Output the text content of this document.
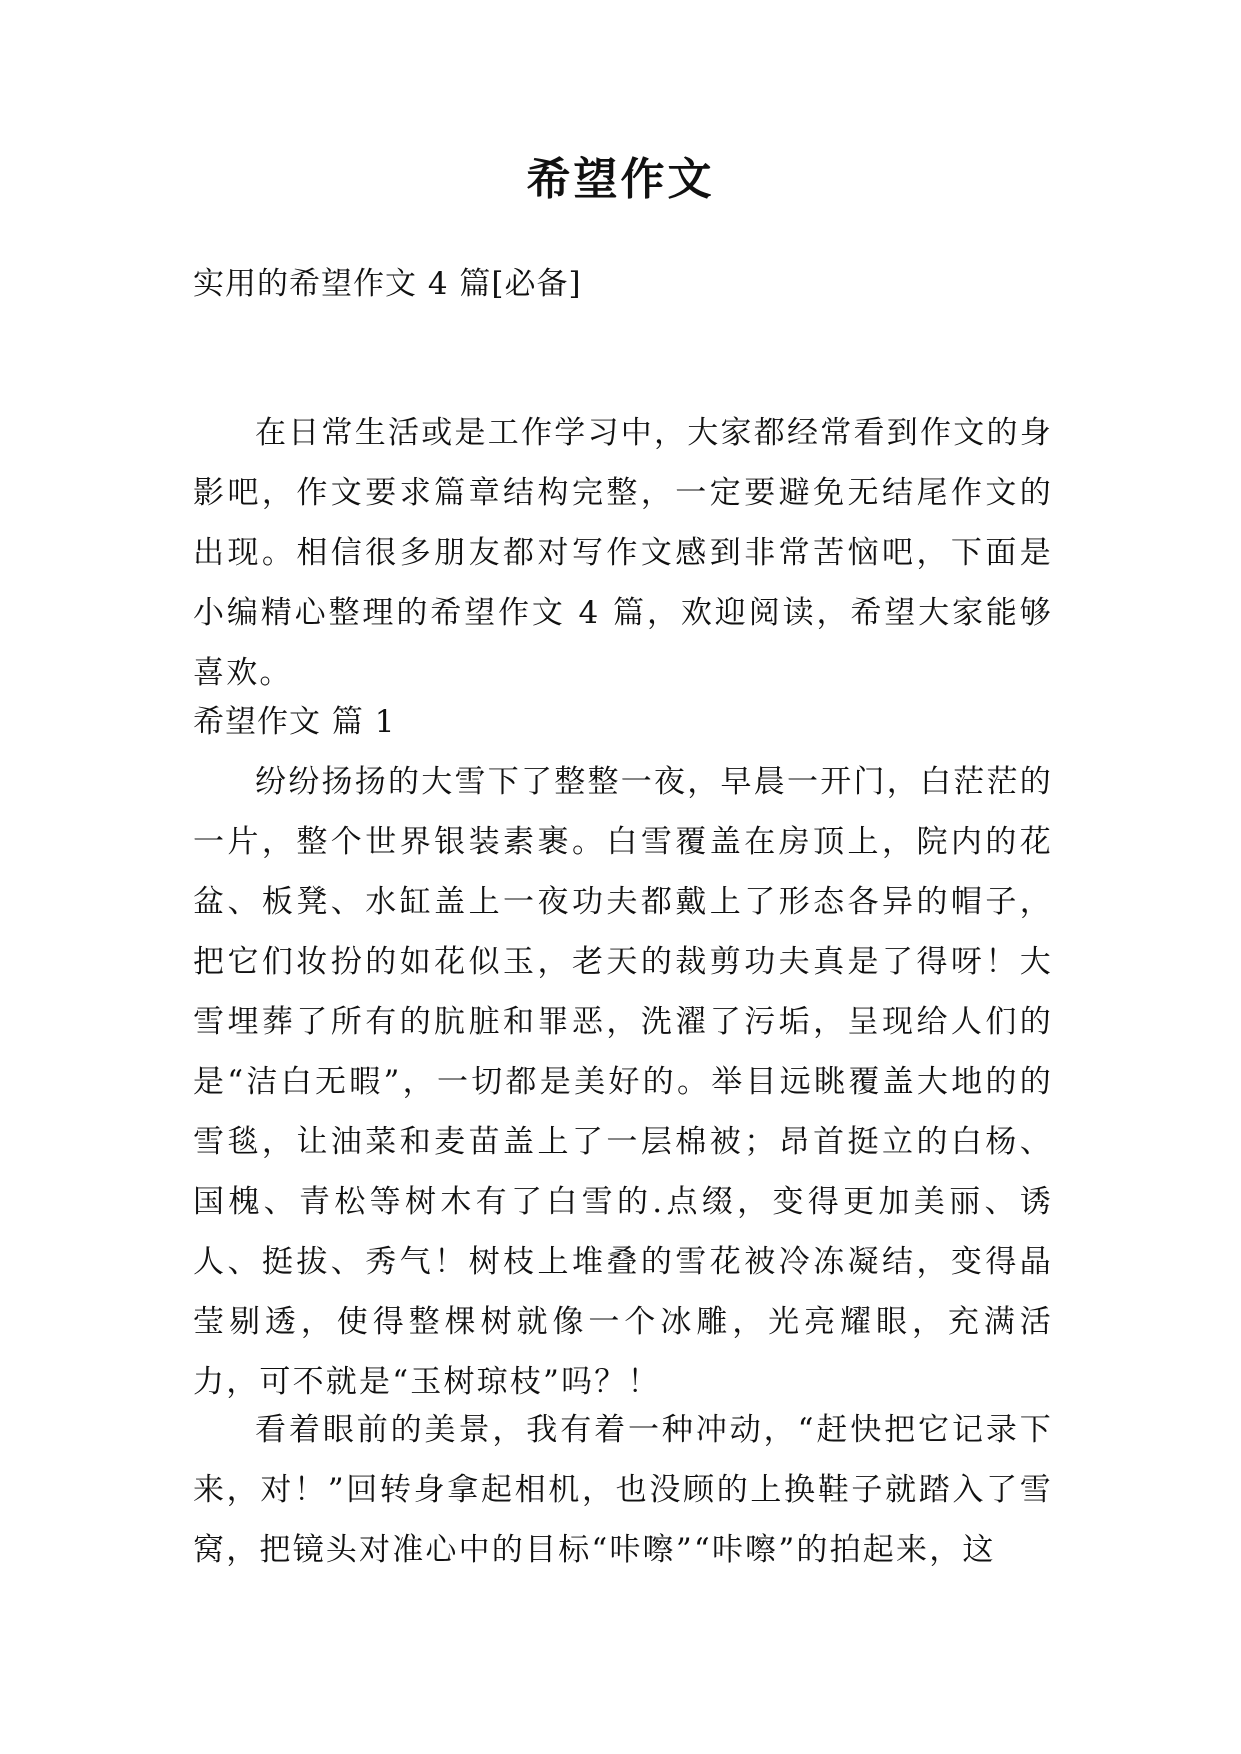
希望作文
实用的希望作文 4 篇[必备]

在日常生活或是工作学习中，大家都经常看到作文的身影吧，作文要求篇章结构完整，一定要避免无结尾作文的出现。相信很多朋友都对写作文感到非常苦恼吧，下面是小编精心整理的希望作文 4 篇，欢迎阅读，希望大家能够喜欢。

希望作文 篇 1

纷纷扬扬的大雪下了整整一夜，早晨一开门，白茫茫的一片，整个世界银装素裹。白雪覆盖在房顶上，院内的花盆、板凳、水缸盖上一夜功夫都戴上了形态各异的帽子，把它们妆扮的如花似玉，老天的裁剪功夫真是了得呀！大雪埋葬了所有的肮脏和罪恶，洗濯了污垢，呈现给人们的是“洁白无暇”，一切都是美好的。举目远眺覆盖大地的的雪毯，让油菜和麦苗盖上了一层棉被；昂首挺立的白杨、国槐、青松等树木有了白雪的.点缀，变得更加美丽、诱人、挺拔、秀气！树枝上堆叠的雪花被冷冻凝结，变得晶莹剔透，使得整棵树就像一个冰雕，光亮耀眼，充满活力，可不就是“玉树琼枝”吗？！

看着眼前的美景，我有着一种冲动，“赶快把它记录下来，对！”回转身拿起相机，也没顾的上换鞋子就踏入了雪窝，把镜头对准心中的目标“咔嚓”“咔嚓”的拍起来，这
